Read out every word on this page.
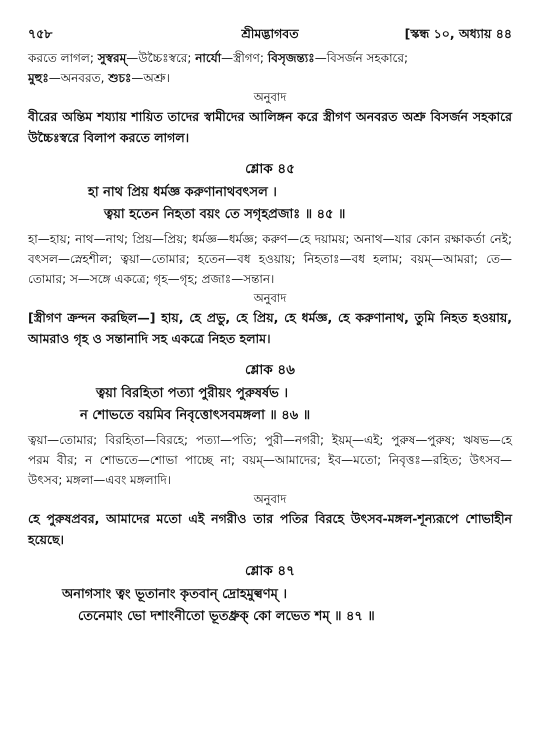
৭৫৮	শ্রীমদ্ভাগবত	[স্কন্ধ ১০, অধ্যায় ৪৪

করতে লাগল; সুস্বরম্—উচ্চৈঃস্বরে; নার্যো—স্ত্রীগণ; বিসৃজন্ত্যঃ—বিসর্জন সহকারে;
মুহুঃ—অনবরত, শুচঃ—অশ্রু।

অনুবাদ

বীরের অন্তিম শয্যায় শায়িত তাদের স্বামীদের আলিঙ্গন করে স্ত্রীগণ অনবরত অশ্রু বিসর্জন সহকারে উচ্চৈঃস্বরে বিলাপ করতে লাগল।

শ্লোক ৪৫
হা নাথ প্রিয় ধর্মজ্ঞ করুণানাথবৎসল ।
ত্বয়া হতেন নিহতা বয়ং তে সগৃহপ্রজাঃ ॥ ৪৫ ॥

হা—হায়; নাথ—নাথ; প্রিয়—প্রিয়; ধর্মজ্ঞ—ধর্মজ্ঞ; করুণ—হে দয়াময়; অনাথ—যার কোন রক্ষাকর্তা নেই; বৎসল—স্নেহশীল; ত্বয়া—তোমার; হতেন—বধ হওয়ায়; নিহতাঃ—বধ হলাম; বয়ম্—আমরা; তে—তোমার; স—সঙ্গে একত্রে; গৃহ—গৃহ; প্রজাঃ—সন্তান।

অনুবাদ

[স্ত্রীগণ ক্রন্দন করছিল—] হায়, হে প্রভু, হে প্রিয়, হে ধর্মজ্ঞ, হে করুণানাথ, তুমি নিহত হওয়ায়, আমরাও গৃহ ও সন্তানাদি সহ একত্রে নিহত হলাম।

শ্লোক ৪৬
ত্বয়া বিরহিতা পত্যা পুরীয়ং পুরুষর্ষভ ।
ন শোভতে বয়মিব নিবৃত্তোৎসবমঙ্গলা ॥ ৪৬ ॥

ত্বয়া—তোমার; বিরহিতা—বিরহে; পত্যা—পতি; পুরী—নগরী; ইয়ম্—এই; পুরুষ—পুরুষ; ঋষভ—হে পরম বীর; ন শোভতে—শোভা পাচ্ছে না; বয়ম্—আমাদের; ইব—মতো; নিবৃত্তঃ—রহিত; উৎসব—উৎসব; মঙ্গলা—এবং মঙ্গলাদি।

অনুবাদ

হে পুরুষপ্রবর, আমাদের মতো এই নগরীও তার পতির বিরহে উৎসব-মঙ্গল-শূন্যরূপে শোভাহীন হয়েছে।

শ্লোক ৪৭
অনাগসাং ত্বং ভূতানাং কৃতবান্ দ্রোহমুল্বণম্ ।
তেনেমাং ভো দশাংনীতো ভূতধ্রুক্ কো লভেত শম্ ॥ ৪৭ ॥
